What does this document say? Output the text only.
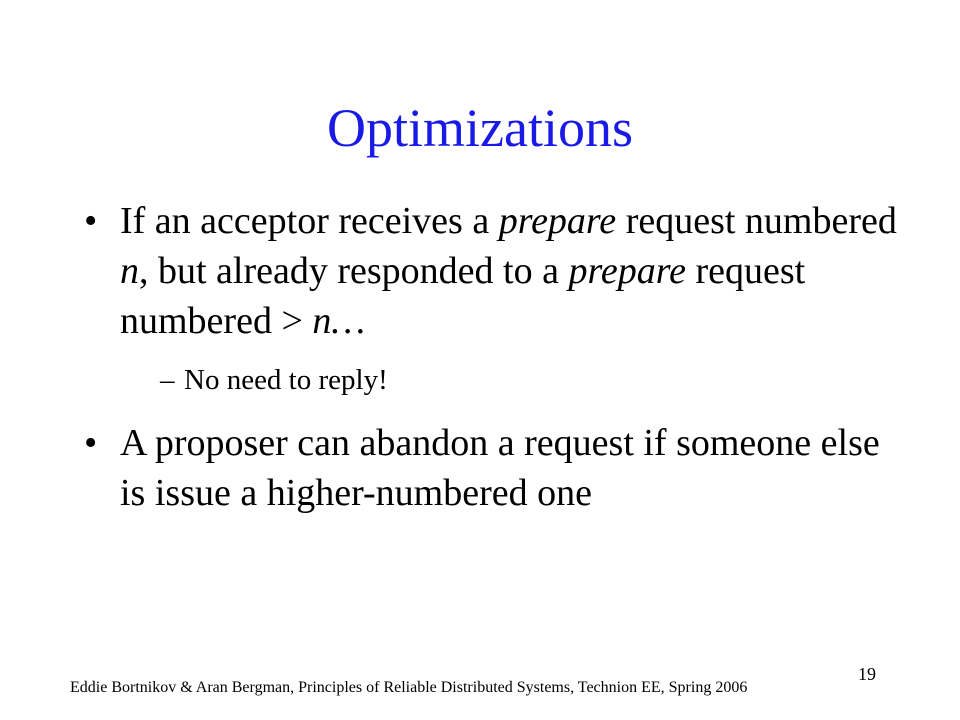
Optimizations
• If an acceptor receives a prepare request numbered n, but already responded to a prepare request numbered > n…
– No need to reply!
• A proposer can abandon a request if someone else is issue a higher-numbered one
19
Eddie Bortnikov & Aran Bergman, Principles of Reliable Distributed Systems, Technion EE, Spring 2006
